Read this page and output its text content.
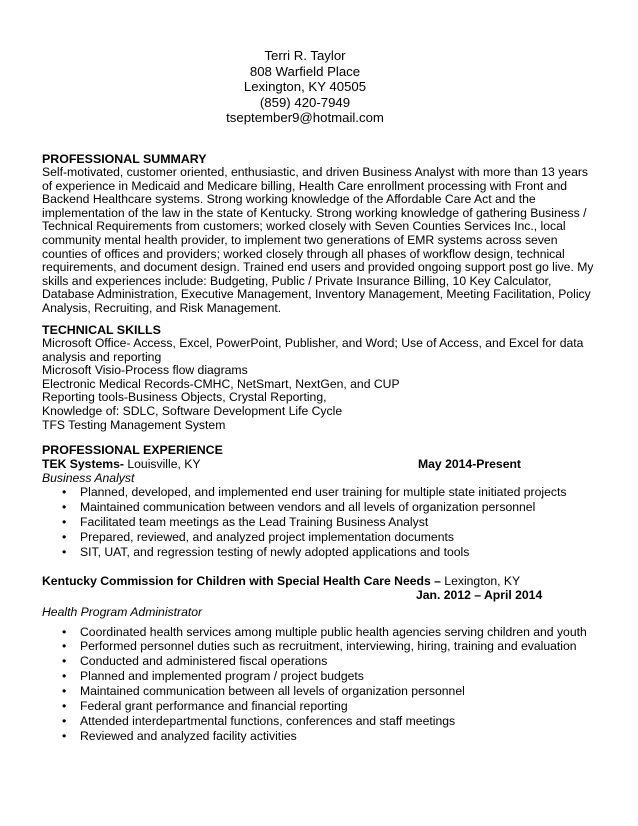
Terri R. Taylor
808 Warfield Place
Lexington, KY 40505
(859) 420-7949
tseptember9@hotmail.com
PROFESSIONAL SUMMARY
Self-motivated, customer oriented, enthusiastic, and driven Business Analyst with more than 13 years
of experience in Medicaid and Medicare billing, Health Care enrollment processing with Front and
Backend Healthcare systems. Strong working knowledge of the Affordable Care Act and the
implementation of the law in the state of Kentucky. Strong working knowledge of gathering Business /
Technical Requirements from customers; worked closely with Seven Counties Services Inc., local
community mental health provider, to implement two generations of EMR systems across seven
counties of offices and providers; worked closely through all phases of workflow design, technical
requirements, and document design. Trained end users and provided ongoing support post go live. My
skills and experiences include: Budgeting, Public / Private Insurance Billing, 10 Key Calculator,
Database Administration, Executive Management, Inventory Management, Meeting Facilitation, Policy
Analysis, Recruiting, and Risk Management.
TECHNICAL SKILLS
Microsoft Office- Access, Excel, PowerPoint, Publisher, and Word; Use of Access, and Excel for data
analysis and reporting
Microsoft Visio-Process flow diagrams
Electronic Medical Records-CMHC, NetSmart, NextGen, and CUP
Reporting tools-Business Objects, Crystal Reporting,
Knowledge of: SDLC, Software Development Life Cycle
TFS Testing Management System
PROFESSIONAL EXPERIENCE
TEK Systems- Louisville, KY	May 2014-Present
Business Analyst
• Planned, developed, and implemented end user training for multiple state initiated projects
• Maintained communication between vendors and all levels of organization personnel
• Facilitated team meetings as the Lead Training Business Analyst
• Prepared, reviewed, and analyzed project implementation documents
• SIT, UAT, and regression testing of newly adopted applications and tools
Kentucky Commission for Children with Special Health Care Needs – Lexington, KY
Jan. 2012 – April 2014
Health Program Administrator
• Coordinated health services among multiple public health agencies serving children and youth
• Performed personnel duties such as recruitment, interviewing, hiring, training and evaluation
• Conducted and administered fiscal operations
• Planned and implemented program / project budgets
• Maintained communication between all levels of organization personnel
• Federal grant performance and financial reporting
• Attended interdepartmental functions, conferences and staff meetings
• Reviewed and analyzed facility activities
